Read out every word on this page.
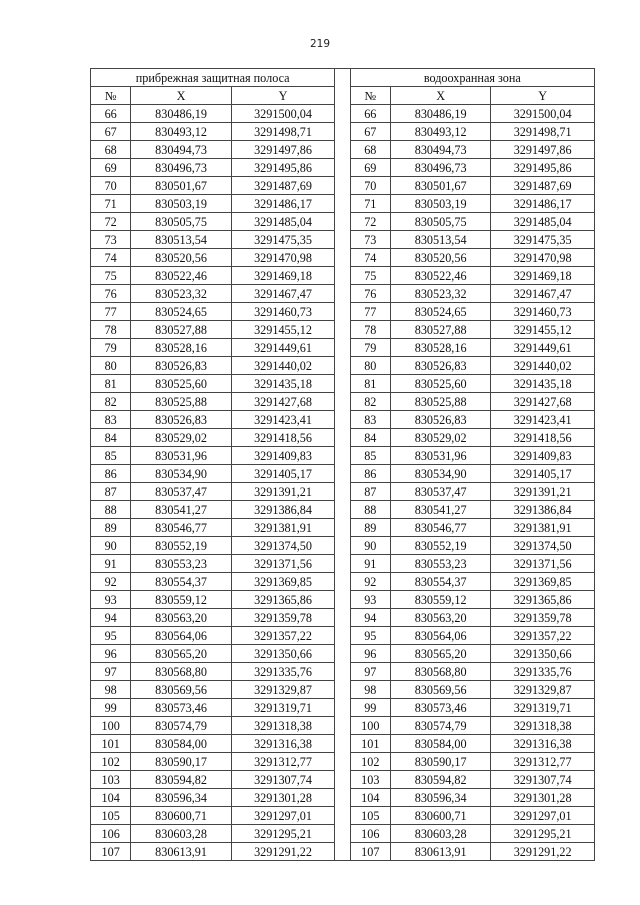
219
прибрежная защитная полоса				водоохранная зона		
№	X	Y		№	X	Y
66	830486,19	3291500,04		66	830486,19	3291500,04
67	830493,12	3291498,71		67	830493,12	3291498,71
68	830494,73	3291497,86		68	830494,73	3291497,86
69	830496,73	3291495,86		69	830496,73	3291495,86
70	830501,67	3291487,69		70	830501,67	3291487,69
71	830503,19	3291486,17		71	830503,19	3291486,17
72	830505,75	3291485,04		72	830505,75	3291485,04
73	830513,54	3291475,35		73	830513,54	3291475,35
74	830520,56	3291470,98		74	830520,56	3291470,98
75	830522,46	3291469,18		75	830522,46	3291469,18
76	830523,32	3291467,47		76	830523,32	3291467,47
77	830524,65	3291460,73		77	830524,65	3291460,73
78	830527,88	3291455,12		78	830527,88	3291455,12
79	830528,16	3291449,61		79	830528,16	3291449,61
80	830526,83	3291440,02		80	830526,83	3291440,02
81	830525,60	3291435,18		81	830525,60	3291435,18
82	830525,88	3291427,68		82	830525,88	3291427,68
83	830526,83	3291423,41		83	830526,83	3291423,41
84	830529,02	3291418,56		84	830529,02	3291418,56
85	830531,96	3291409,83		85	830531,96	3291409,83
86	830534,90	3291405,17		86	830534,90	3291405,17
87	830537,47	3291391,21		87	830537,47	3291391,21
88	830541,27	3291386,84		88	830541,27	3291386,84
89	830546,77	3291381,91		89	830546,77	3291381,91
90	830552,19	3291374,50		90	830552,19	3291374,50
91	830553,23	3291371,56		91	830553,23	3291371,56
92	830554,37	3291369,85		92	830554,37	3291369,85
93	830559,12	3291365,86		93	830559,12	3291365,86
94	830563,20	3291359,78		94	830563,20	3291359,78
95	830564,06	3291357,22		95	830564,06	3291357,22
96	830565,20	3291350,66		96	830565,20	3291350,66
97	830568,80	3291335,76		97	830568,80	3291335,76
98	830569,56	3291329,87		98	830569,56	3291329,87
99	830573,46	3291319,71		99	830573,46	3291319,71
100	830574,79	3291318,38		100	830574,79	3291318,38
101	830584,00	3291316,38		101	830584,00	3291316,38
102	830590,17	3291312,77		102	830590,17	3291312,77
103	830594,82	3291307,74		103	830594,82	3291307,74
104	830596,34	3291301,28		104	830596,34	3291301,28
105	830600,71	3291297,01		105	830600,71	3291297,01
106	830603,28	3291295,21		106	830603,28	3291295,21
107	830613,91	3291291,22		107	830613,91	3291291,22
